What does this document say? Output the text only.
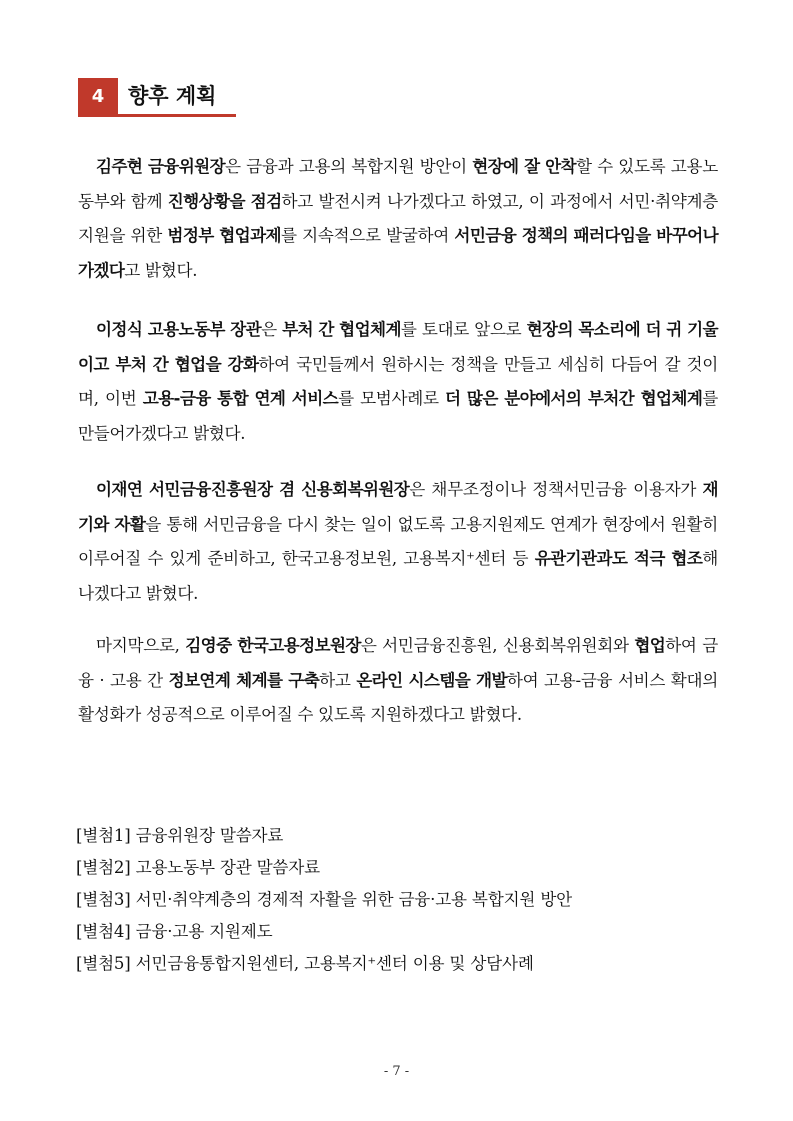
4	향후 계획
김주현 금융위원장은 금융과 고용의 복합지원 방안이 현장에 잘 안착할 수 있도록 고용노동부와 함께 진행상황을 점검하고 발전시켜 나가겠다고 하였고, 이 과정에서 서민·취약계층 지원을 위한 범정부 협업과제를 지속적으로 발굴하여 서민금융 정책의 패러다임을 바꾸어나가겠다고 밝혔다.
이정식 고용노동부 장관은 부처 간 협업체계를 토대로 앞으로 현장의 목소리에 더 귀 기울이고 부처 간 협업을 강화하여 국민들께서 원하시는 정책을 만들고 세심히 다듬어 갈 것이며, 이번 고용-금융 통합 연계 서비스를 모범사례로 더 많은 분야에서의 부처간 협업체계를 만들어가겠다고 밝혔다.
이재연 서민금융진흥원장 겸 신용회복위원장은 채무조정이나 정책서민금융 이용자가 재기와 자활을 통해 서민금융을 다시 찾는 일이 없도록 고용지원제도 연계가 현장에서 원활히 이루어질 수 있게 준비하고, 한국고용정보원, 고용복지⁺센터 등 유관기관과도 적극 협조해나겠다고 밝혔다.
마지막으로, 김영중 한국고용정보원장은 서민금융진흥원, 신용회복위원회와 협업하여 금융 · 고용 간 정보연계 체계를 구축하고 온라인 시스템을 개발하여 고용-금융 서비스 확대의 활성화가 성공적으로 이루어질 수 있도록 지원하겠다고 밝혔다.
[별첨1] 금융위원장 말씀자료
[별첨2] 고용노동부 장관 말씀자료
[별첨3] 서민·취약계층의 경제적 자활을 위한 금융·고용 복합지원 방안
[별첨4] 금융·고용 지원제도
[별첨5] 서민금융통합지원센터, 고용복지⁺센터 이용 및 상담사례
- 7 -
